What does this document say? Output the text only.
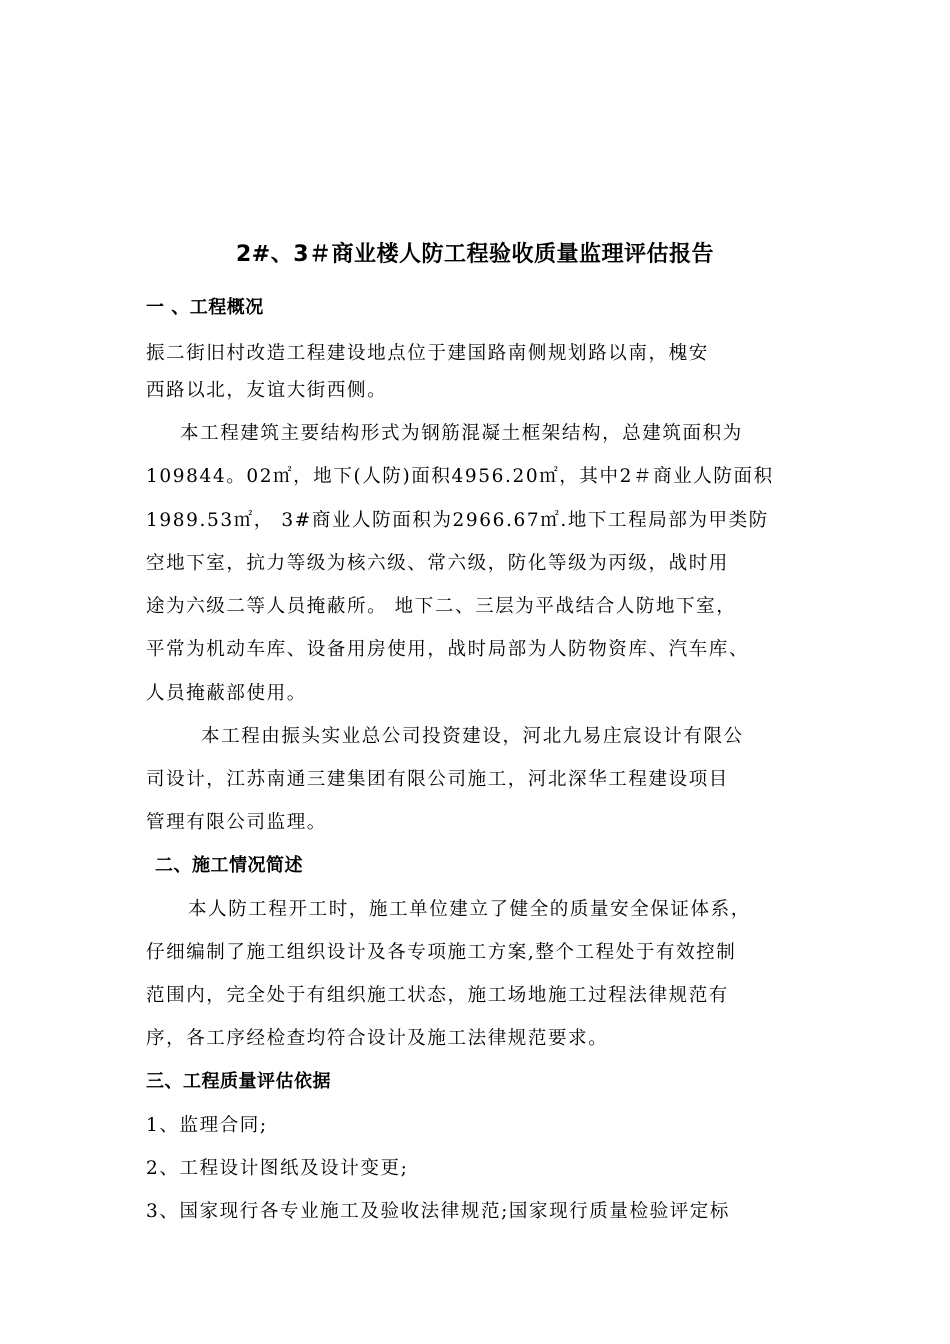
2#、3＃商业楼人防工程验收质量监理评估报告
一 、工程概况
振二街旧村改造工程建设地点位于建国路南侧规划路以南，槐安
西路以北，友谊大街西侧。
本工程建筑主要结构形式为钢筋混凝土框架结构，总建筑面积为
109844。02㎡，地下(人防)面积4956.20㎡，其中2＃商业人防面积
1989.53㎡， 3#商业人防面积为2966.67㎡.地下工程局部为甲类防
空地下室，抗力等级为核六级、常六级，防化等级为丙级，战时用
途为六级二等人员掩蔽所。 地下二、三层为平战结合人防地下室，
平常为机动车库、设备用房使用，战时局部为人防物资库、汽车库、
人员掩蔽部使用。
本工程由振头实业总公司投资建设，河北九易庄宸设计有限公
司设计，江苏南通三建集团有限公司施工，河北深华工程建设项目
管理有限公司监理。
二、施工情况简述
本人防工程开工时，施工单位建立了健全的质量安全保证体系，
仔细编制了施工组织设计及各专项施工方案,整个工程处于有效控制
范围内，完全处于有组织施工状态，施工场地施工过程法律规范有
序，各工序经检查均符合设计及施工法律规范要求。
三、工程质量评估依据
1、监理合同;
2、工程设计图纸及设计变更;
3、国家现行各专业施工及验收法律规范;国家现行质量检验评定标
